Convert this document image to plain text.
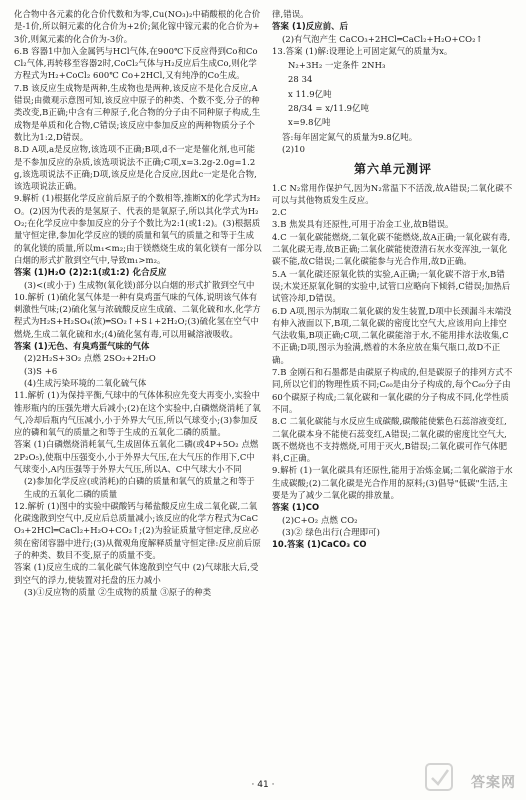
化合物中各元素的化合价代数和为零,Cu(NO₃)₂中硝酸根的化合价是-1价,所以铜元素的化合价为+2价;氮化镓中镓元素的化合价为+3价,则氮元素的化合价为-3价。

6.B 容器1中加入金属钙与HCl气体,在900℃下反应得到Co和CoCl₂气体,再转移至容器2时,CoCl₂气体与H₂反应后生成Co,则化学方程式为H₂+CoCl₂ 600℃ Co+2HCl,又有纯净的Co生成。

7.B 该反应生成物是两种,生成物也是两种,该反应不是化合反应,A错误;由微观示意图可知,该反应中原子的种类、个数不变,分子的种类改变,B正确;中含有三种原子,化合物的分子由不同种原子构成,生成物是单质和化合物,C错误;该反应中参加反应的两种物质分子个数比为1:2,D错误。

8.D A项,a是反应物,该选项不正确;B项,d不一定是催化剂,也可能是不参加反应的杂质,该选项说法不正确;C项,x=3.2g-2.0g=1.2g,该选项说法不正确;D项,该反应是化合反应,因此c一定是化合物,该选项说法正确。

9.解析 (1)根据化学反应前后原子的个数相等,推断X的化学式为H₂O。(2)因为代表的是氢原子、代表的是氧原子,所以其化学式为H₂O₂;在化学反应中参加反应的分子个数比为2:1(或1:2)。(3)根据质量守恒定律,参加化学反应的镁的质量和氧气的质量之和等于生成的氧化镁的质量,所以m₁<m₂;由于镁燃烧生成的氧化镁有一部分以白烟的形式扩散到空气中,导致m₁>m₂。

答案 (1)H₂O (2)2:1(或1:2) 化合反应

(3)<(或小于) 生成物(氧化镁)部分以白烟的形式扩散到空气中

10.解析 (1)硫化氢气体是一种有臭鸡蛋气味的气体,说明该气体有刺激性气味;(2)硫化氢与浓硫酸反应生成硫、二氧化硫和水,化学方程式为H₂S+H₂SO₄(浓)═SO₂↑+S↓+2H₂O;(3)硫化氢在空气中燃烧,生成二氧化硫和水;(4)硫化氢有毒,可以用碱溶液吸收。

答案 (1)无色、有臭鸡蛋气味的气体

(2)2H₂S+3O₂ 点燃 2SO₂+2H₂O

(3)S +6

(4)生成污染环境的二氧化硫气体

11.解析 (1)为保持平衡,气球中的气体体积应先变大再变小,实验中锥形瓶内的压强先增大后减小;(2)在这个实验中,白磷燃烧消耗了氧气,冷却后瓶内气压减小,小于外界大气压,所以气球变小;(3)参加反应的磷和氧气的质量之和等于生成的五氧化二磷的质量。

答案 (1)白磷燃烧消耗氧气,生成固体五氧化二磷(或4P+5O₂ 点燃 2P₂O₅),使瓶中压强变小,小于外界大气压,在大气压的作用下,C中气球变小,A内压强等于外界大气压,所以A、C中气球大小不同

(2)参加化学反应(或消耗)的白磷的质量和氧气的质量之和等于生成的五氧化二磷的质量

12.解析 (1)图中的实验中碳酸钙与稀盐酸反应生成二氧化碳,二氧化碳逸散到空气中,反应后总质量减小;该反应的化学方程式为CaCO₃+2HCl═CaCl₂+H₂O+CO₂↑;(2)为验证质量守恒定律,反应必须在密闭容器中进行;(3)从微观角度解释质量守恒定律:反应前后原子的种类、数目不变,原子的质量不变。

答案 (1)反应生成的二氧化碳气体逸散到空气中 (2)气球胀大后,受到空气的浮力,使装置对托盘的压力减小

(3)①反应物的质量 ②生成物的质量 ③原子的种类

律,错误。

答案 (1)反应前、后

(2)有气泡产生 CaCO₃+2HCl═CaCl₂+H₂O+CO₂↑

13.答案 (1)解:设理论上可固定氮气的质量为x。

N₂+3H₂ 一定条件 2NH₃

28 34

x 11.9亿吨

28/34 = x/11.9亿吨

x=9.8亿吨

答:每年固定氮气的质量为9.8亿吨。

(2)10

第六单元测评

1.C N₂常用作保护气,因为N₂常温下不活泼,故A错误;二氧化碳不可以与其他物质发生反应。

2.C

3.B 焦炭具有还原性,可用于冶金工业,故B错误。

4.C 一氧化碳能燃烧,二氧化碳不能燃烧,故A正确;一氧化碳有毒,二氧化碳无毒,故B正确;二氧化碳能使澄清石灰水变浑浊,一氧化碳不能,故C错误;二氧化碳能参与光合作用,故D正确。

5.A 一氧化碳还原氧化铁的实验,A正确;一氧化碳不溶于水,B错误;木炭还原氧化铜的实验中,试管口应略向下倾斜,C错误;加热后试管冷却,D错误。

6.D A项,图示为制取二氧化碳的发生装置,D项中长颈漏斗末端没有伸入液面以下,B项,二氧化碳的密度比空气大,应该用向上排空气法收集,B项正确;C项,二氧化碳能溶于水,不能用排水法收集,C不正确;D项,图示为验满,燃着的木条应放在集气瓶口,故D不正确。

7.B 金刚石和石墨都是由碳原子构成的,但是碳原子的排列方式不同,所以它们的物理性质不同;C₆₀是由分子构成的,每个C₆₀分子由60个碳原子构成;二氧化碳和一氧化碳的分子构成不同,化学性质不同。

8.C 二氧化碳能与水反应生成碳酸,碳酸能使紫色石蕊溶液变红,二氧化碳本身不能使石蕊变红,A错误;二氧化碳的密度比空气大,既不燃烧也不支持燃烧,可用于灭火,B错误;二氧化碳可作气体肥料,C正确。

9.解析 (1)一氧化碳具有还原性,能用于冶炼金属;二氧化碳溶于水生成碳酸;(2)二氧化碳是光合作用的原料;(3)倡导"低碳"生活,主要是为了减少二氧化碳的排放量。

答案 (1)CO

(2)C+O₂ 点燃 CO₂

(3)② 绿色出行(合理即可)

10.答案 (1)CaCO₃ CO

· 41 ·	答案网
